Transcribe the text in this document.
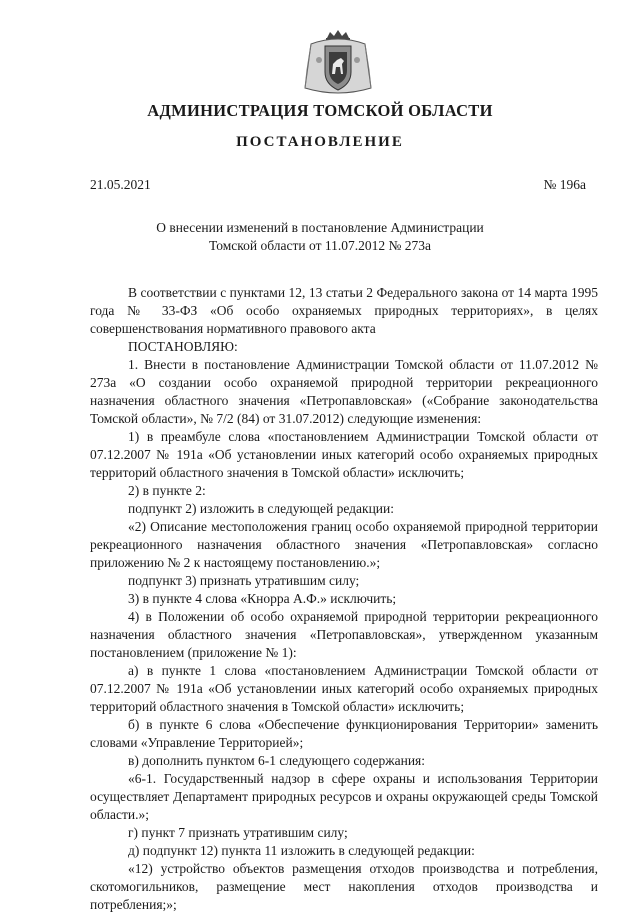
АДМИНИСТРАЦИЯ ТОМСКОЙ ОБЛАСТИ
ПОСТАНОВЛЕНИЕ
21.05.2021	№ 196а
О внесении изменений в постановление Администрации
Томской области от 11.07.2012 № 273а

В соответствии с пунктами 12, 13 статьи 2 Федерального закона от 14 марта 1995 года № 33-ФЗ «Об особо охраняемых природных территориях», в целях совершенствования нормативного правового акта

ПОСТАНОВЛЯЮ:

1. Внести в постановление Администрации Томской области от 11.07.2012 № 273а «О создании особо охраняемой природной территории рекреационного назначения областного значения «Петропавловская» («Собрание законодательства Томской области», № 7/2 (84) от 31.07.2012) следующие изменения:

1) в преамбуле слова «постановлением Администрации Томской области от 07.12.2007 № 191а «Об установлении иных категорий особо охраняемых природных территорий областного значения в Томской области» исключить;

2) в пункте 2:

подпункт 2) изложить в следующей редакции:

«2) Описание местоположения границ особо охраняемой природной территории рекреационного назначения областного значения «Петропавловская» согласно приложению № 2 к настоящему постановлению.»;

подпункт 3) признать утратившим силу;

3) в пункте 4 слова «Кнорра А.Ф.» исключить;

4) в Положении об особо охраняемой природной территории рекреационного назначения областного значения «Петропавловская», утвержденном указанным постановлением (приложение № 1):

а) в пункте 1 слова «постановлением Администрации Томской области от 07.12.2007 № 191а «Об установлении иных категорий особо охраняемых природных территорий областного значения в Томской области» исключить;

б) в пункте 6 слова «Обеспечение функционирования Территории» заменить словами «Управление Территорией»;

в) дополнить пунктом 6-1 следующего содержания:

«6-1. Государственный надзор в сфере охраны и использования Территории осуществляет Департамент природных ресурсов и охраны окружающей среды Томской области.»;

г) пункт 7 признать утратившим силу;

д) подпункт 12) пункта 11 изложить в следующей редакции:

«12) устройство объектов размещения отходов производства и потребления, скотомогильников, размещение мест накопления отходов производства и потребления;»;
